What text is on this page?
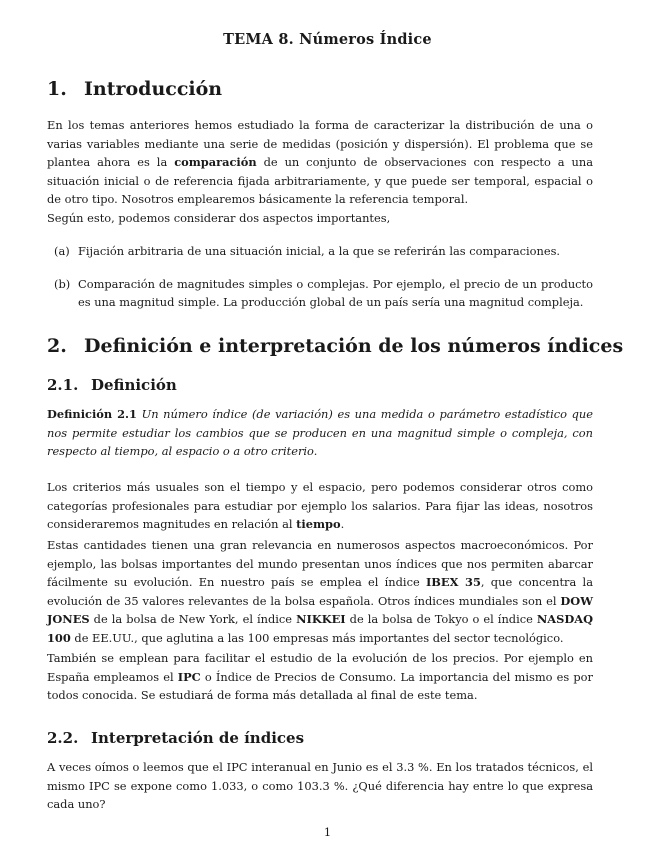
TEMA 8. Números Índice
1. Introducción

En los temas anteriores hemos estudiado la forma de caracterizar la distribución de una o varias variables mediante una serie de medidas (posición y dispersión). El problema que se plantea ahora es la comparación de un conjunto de observaciones con respecto a una situación inicial o de referencia fijada arbitrariamente, y que puede ser temporal, espacial o de otro tipo. Nosotros emplearemos básicamente la referencia temporal.

Según esto, podemos considerar dos aspectos importantes,

(a) Fijación arbitraria de una situación inicial, a la que se referirán las comparaciones.
(b) Comparación de magnitudes simples o complejas. Por ejemplo, el precio de un producto es una magnitud simple. La producción global de un país sería una magnitud compleja.
2. Definición e interpretación de los números índices
2.1. Definición

Definición 2.1 Un número índice (de variación) es una medida o parámetro estadístico que nos permite estudiar los cambios que se producen en una magnitud simple o compleja, con respecto al tiempo, al espacio o a otro criterio.

Los criterios más usuales son el tiempo y el espacio, pero podemos considerar otros como categorías profesionales para estudiar por ejemplo los salarios. Para fijar las ideas, nosotros consideraremos magnitudes en relación al tiempo.

Estas cantidades tienen una gran relevancia en numerosos aspectos macroeconómicos. Por ejemplo, las bolsas importantes del mundo presentan unos índices que nos permiten abarcar fácilmente su evolución. En nuestro país se emplea el índice IBEX 35, que concentra la evolución de 35 valores relevantes de la bolsa española. Otros índices mundiales son el DOW JONES de la bolsa de New York, el índice NIKKEI de la bolsa de Tokyo o el índice NASDAQ 100 de EE.UU., que aglutina a las 100 empresas más importantes del sector tecnológico.

También se emplean para facilitar el estudio de la evolución de los precios. Por ejemplo en España empleamos el IPC o Índice de Precios de Consumo. La importancia del mismo es por todos conocida. Se estudiará de forma más detallada al final de este tema.

2.2. Interpretación de índices

A veces oímos o leemos que el IPC interanual en Junio es el 3.3 %. En los tratados técnicos, el mismo IPC se expone como 1.033, o como 103.3 %. ¿Qué diferencia hay entre lo que expresa cada uno?

1
